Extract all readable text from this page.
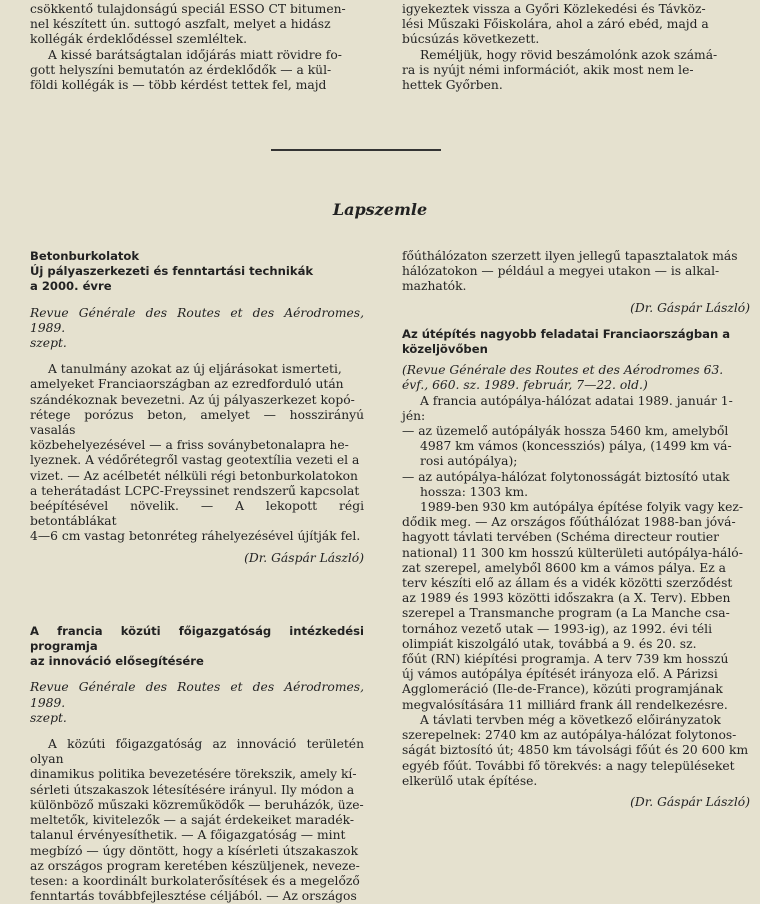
csökkentő tulajdonságú speciál ESSO CT bitumen-

nel készített ún. suttogó aszfalt, melyet a hidász

kollégák érdeklődéssel szemléltek.

A kissé barátságtalan időjárás miatt rövidre fo-

gott helyszíni bemutatón az érdeklődők — a kül-

földi kollégák is — több kérdést tettek fel, majd

igyekeztek vissza a Győri Közlekedési és Távköz-

lési Műszaki Főiskolára, ahol a záró ebéd, majd a

búcsúzás következett.

Reméljük, hogy rövid beszámolónk azok számá-

ra is nyújt némi információt, akik most nem le-

hettek Győrben.

Lapszemle

Betonburkolatok

Új pályaszerkezeti és fenntartási technikák

a 2000. évre

Revue Générale des Routes et des Aérodromes, 1989.

szept.

A tanulmány azokat az új eljárásokat ismerteti,

amelyeket Franciaországban az ezredforduló után

szándékoznak bevezetni. Az új pályaszerkezet kopó-

rétege porózus beton, amelyet — hosszirányú vasalás

közbehelyezésével — a friss soványbetonalapra he-

lyeznek. A védőrétegről vastag geotextília vezeti el a

vizet. — Az acélbetét nélküli régi betonburkolatokon

a teherátadást LCPC-Freyssinet rendszerű kapcsolat

beépítésével növelik. — A lekopott régi betontáblákat

4—6 cm vastag betonréteg ráhelyezésével újítják fel.

(Dr. Gáspár László)

A francia közúti főigazgatóság intézkedési programja

az innováció elősegítésére

Revue Générale des Routes et des Aérodromes, 1989.

szept.

A közúti főigazgatóság az innováció területén olyan

dinamikus politika bevezetésére törekszik, amely kí-

sérleti útszakaszok létesítésére irányul. Ily módon a

különböző műszaki közreműködők — beruházók, üze-

meltetők, kivitelezők — a saját érdekeiket maradék-

talanul érvényesíthetik. — A főigazgatóság — mint

megbízó — úgy döntött, hogy a kísérleti útszakaszok

az országos program keretében készüljenek, neveze-

tesen: a koordinált burkolaterősítések és a megelőző

fenntartás továbbfejlesztése céljából. — Az országos

főúthálózaton szerzett ilyen jellegű tapasztalatok más

hálózatokon — például a megyei utakon — is alkal-

mazhatók.

(Dr. Gáspár László)

Az útépítés nagyobb feladatai Franciaországban a

közeljövőben

(Revue Générale des Routes et des Aérodromes 63.

évf., 660. sz. 1989. február, 7—22. old.)

A francia autópálya-hálózat adatai 1989. január 1-

jén:

— az üzemelő autópályák hossza 5460 km, amelyből

4987 km vámos (koncessziós) pálya, (1499 km vá-

rosi autópálya);

— az autópálya-hálózat folytonosságát biztosító utak

hossza: 1303 km.

1989-ben 930 km autópálya építése folyik vagy kez-

dődik meg. — Az országos főúthálózat 1988-ban jóvá-

hagyott távlati tervében (Schéma directeur routier

national) 11 300 km hosszú külterületi autópálya-háló-

zat szerepel, amelyből 8600 km a vámos pálya. Ez a

terv készíti elő az állam és a vidék közötti szerződést

az 1989 és 1993 közötti időszakra (a X. Terv). Ebben

szerepel a Transmanche program (a La Manche csa-

tornához vezető utak — 1993-ig), az 1992. évi téli

olimpiát kiszolgáló utak, továbbá a 9. és 20. sz.

főút (RN) kiépítési programja. A terv 739 km hosszú

új vámos autópálya építését irányoza elő. A Párizsi

Agglomeráció (Ile-de-France), közúti programjának

megvalósítására 11 milliárd frank áll rendelkezésre.

A távlati tervben még a következő előirányzatok

szerepelnek: 2740 km az autópálya-hálózat folytonos-

ságát biztosító út; 4850 km távolsági főút és 20 600 km

egyéb főút. További fő törekvés: a nagy településeket

elkerülő utak építése.

(Dr. Gáspár László)
